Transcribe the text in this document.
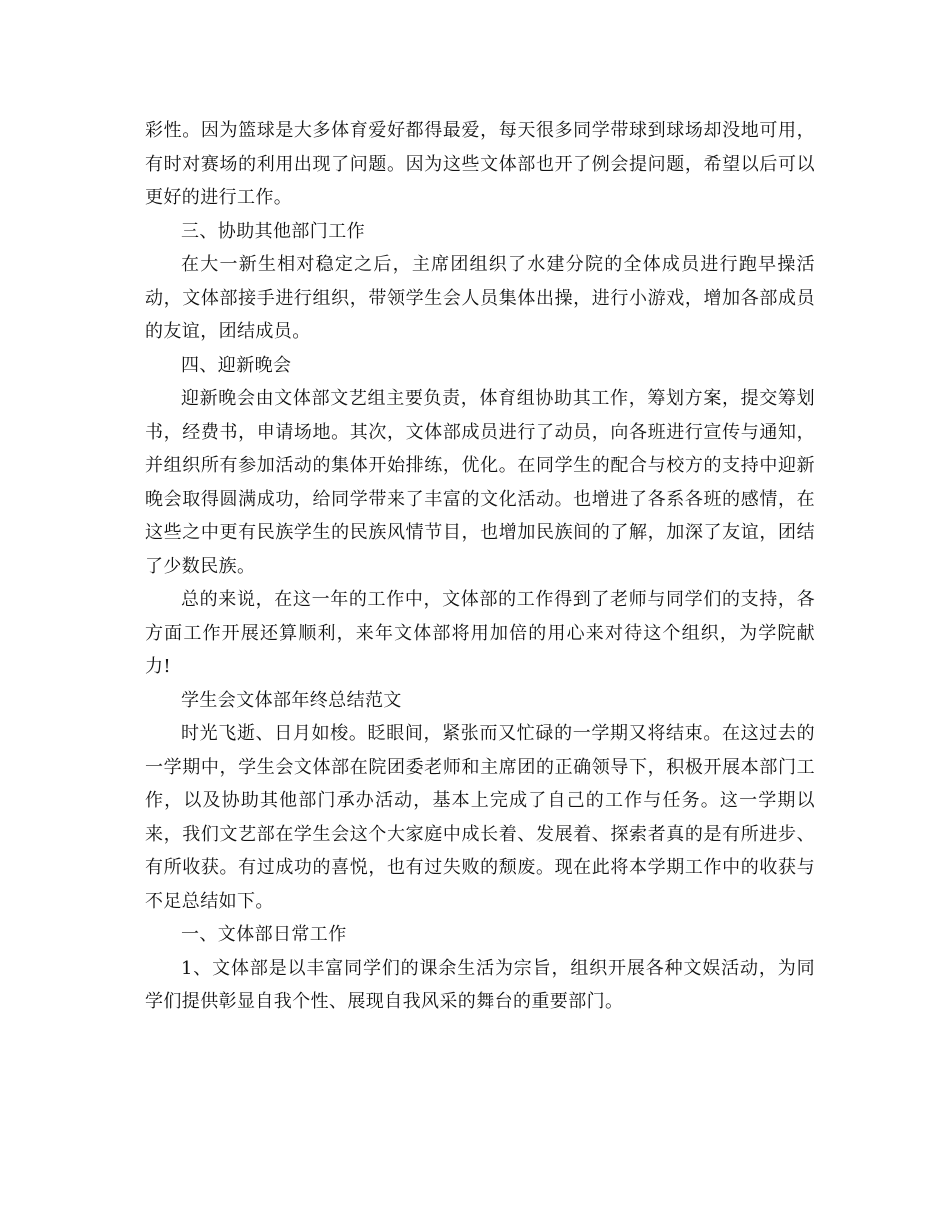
彩性。因为篮球是大多体育爱好都得最爱，每天很多同学带球到球场却没地可用，有时对赛场的利用出现了问题。因为这些文体部也开了例会提问题，希望以后可以更好的进行工作。

三、协助其他部门工作

在大一新生相对稳定之后，主席团组织了水建分院的全体成员进行跑早操活动，文体部接手进行组织，带领学生会人员集体出操，进行小游戏，增加各部成员的友谊，团结成员。

四、迎新晚会

迎新晚会由文体部文艺组主要负责，体育组协助其工作，筹划方案，提交筹划书，经费书，申请场地。其次，文体部成员进行了动员，向各班进行宣传与通知，并组织所有参加活动的集体开始排练，优化。在同学生的配合与校方的支持中迎新晚会取得圆满成功，给同学带来了丰富的文化活动。也增进了各系各班的感情，在这些之中更有民族学生的民族风情节目，也增加民族间的了解，加深了友谊，团结了少数民族。

总的来说，在这一年的工作中，文体部的工作得到了老师与同学们的支持，各方面工作开展还算顺利，来年文体部将用加倍的用心来对待这个组织，为学院献力!

学生会文体部年终总结范文

时光飞逝、日月如梭。眨眼间，紧张而又忙碌的一学期又将结束。在这过去的一学期中，学生会文体部在院团委老师和主席团的正确领导下，积极开展本部门工作，以及协助其他部门承办活动，基本上完成了自己的工作与任务。这一学期以来，我们文艺部在学生会这个大家庭中成长着、发展着、探索者真的是有所进步、有所收获。有过成功的喜悦，也有过失败的颓废。现在此将本学期工作中的收获与不足总结如下。

一、文体部日常工作

1、文体部是以丰富同学们的课余生活为宗旨，组织开展各种文娱活动，为同学们提供彰显自我个性、展现自我风采的舞台的重要部门。
